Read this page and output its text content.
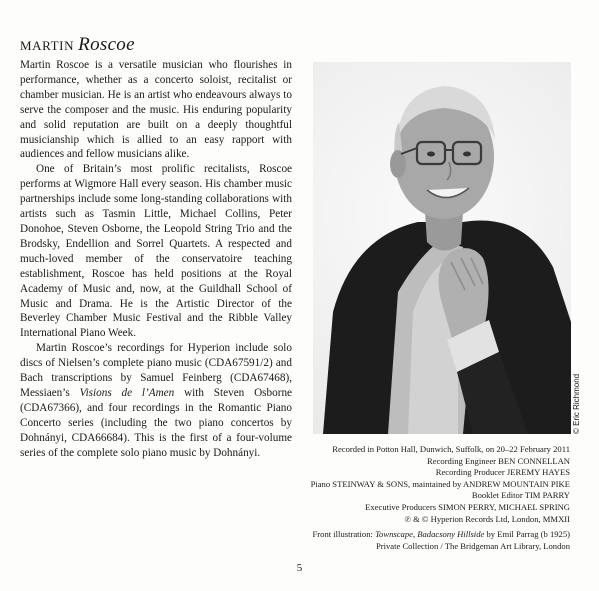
MARTIN Roscoe

Martin Roscoe is a versatile musician who flourishes in performance, whether as a concerto soloist, recitalist or chamber musician. He is an artist who endeavours always to serve the composer and the music. His enduring popularity and solid reputation are built on a deeply thoughtful musicianship which is allied to an easy rapport with audiences and fellow musicians alike.

One of Britain’s most prolific recitalists, Roscoe performs at Wigmore Hall every season. His chamber music partnerships include some long-standing collaborations with artists such as Tasmin Little, Michael Collins, Peter Donohoe, Steven Osborne, the Leopold String Trio and the Brodsky, Endellion and Sorrel Quartets. A respected and much-loved member of the conservatoire teaching establishment, Roscoe has held positions at the Royal Academy of Music and, now, at the Guildhall School of Music and Drama. He is the Artistic Director of the Beverley Chamber Music Festival and the Ribble Valley International Piano Week.

Martin Roscoe’s recordings for Hyperion include solo discs of Nielsen’s complete piano music (CDA67591/2) and Bach transcriptions by Samuel Feinberg (CDA67468), Messiaen’s Visions de l’Amen with Steven Osborne (CDA67366), and four recordings in the Romantic Piano Concerto series (including the two piano concertos by Dohnányi, CDA66684). This is the first of a four-volume series of the complete solo piano music by Dohnányi.

© Eric Richmond
Recorded in Potton Hall, Dunwich, Suffolk, on 20–22 February 2011
Recording Engineer BEN CONNELLAN
Recording Producer JEREMY HAYES
Piano STEINWAY & SONS, maintained by ANDREW MOUNTAIN PIKE
Booklet Editor TIM PARRY
Executive Producers SIMON PERRY, MICHAEL SPRING
℗ & © Hyperion Records Ltd, London, MMXII
Front illustration: Townscape, Badacsony Hillside by Emil Parrag (b 1925)
Private Collection / The Bridgeman Art Library, London
5
